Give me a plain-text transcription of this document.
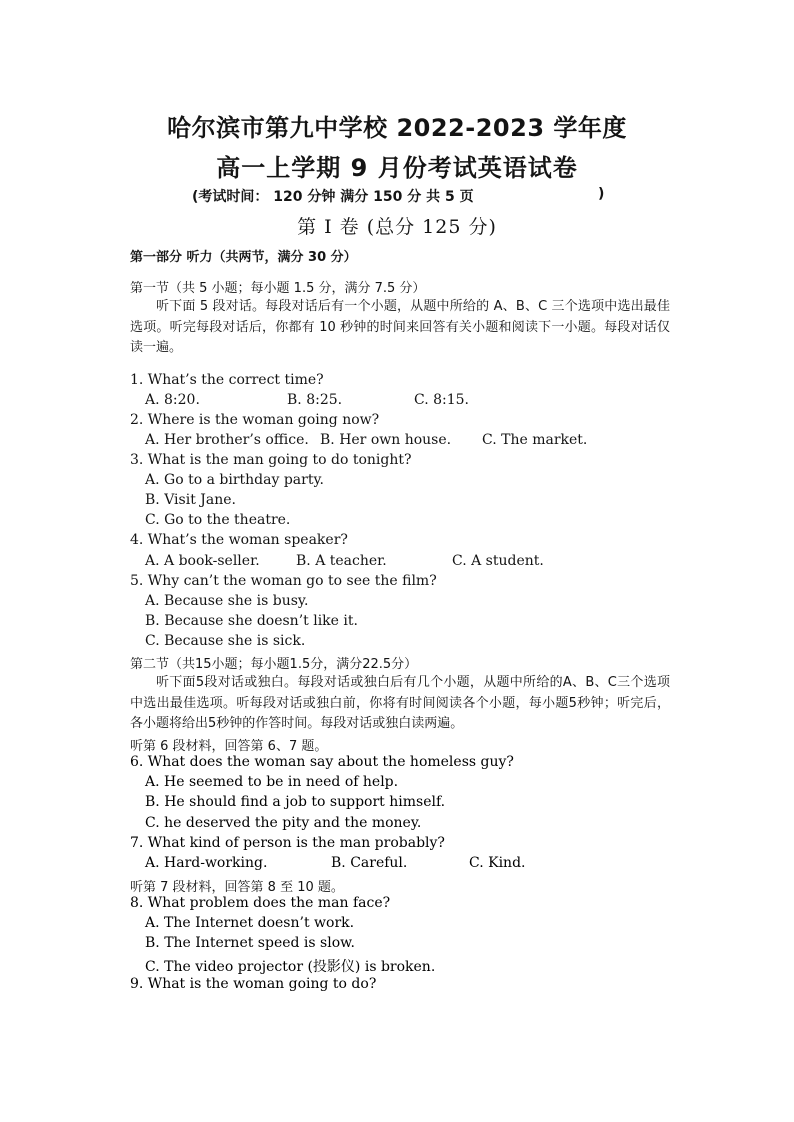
哈尔滨市第九中学校 2022-2023 学年度
高一上学期 9 月份考试英语试卷
(考试时间： 120 分钟 满分 150 分 共 5 页	)
第 I 卷 (总分 125 分)
第一部分 听力（共两节，满分 30 分）
第一节（共 5 小题；每小题 1.5 分，满分 7.5 分）
听下面 5 段对话。每段对话后有一个小题，从题中所给的 A、B、C 三个选项中选出最佳选项。听完每段对话后，你都有 10 秒钟的时间来回答有关小题和阅读下一小题。每段对话仅读一遍。
1. What’s the correct time?
A. 8:20.	B. 8:25.	C. 8:15.
2. Where is the woman going now?
A. Her brother’s office. B. Her own house. C. The market.
3. What is the man going to do tonight?
A. Go to a birthday party.
B. Visit Jane.
C. Go to the theatre.
4. What’s the woman speaker?
A. A book-seller.	B. A teacher.	C. A student.
5. Why can’t the woman go to see the film?
A. Because she is busy.
B. Because she doesn’t like it.
C. Because she is sick.
第二节（共15小题；每小题1.5分，满分22.5分）
听下面5段对话或独白。每段对话或独白后有几个小题，从题中所给的A、B、C三个选项中选出最佳选项。听每段对话或独白前，你将有时间阅读各个小题，每小题5秒钟；听完后，各小题将给出5秒钟的作答时间。每段对话或独白读两遍。
听第 6 段材料，回答第 6、7 题。
6. What does the woman say about the homeless guy?
A. He seemed to be in need of help.
B. He should find a job to support himself.
C. he deserved the pity and the money.
7. What kind of person is the man probably?
A. Hard-working.	B. Careful.	C. Kind.
听第 7 段材料，回答第 8 至 10 题。
8. What problem does the man face?
A. The Internet doesn’t work.
B. The Internet speed is slow.
C. The video projector (投影仪) is broken.
9. What is the woman going to do?
